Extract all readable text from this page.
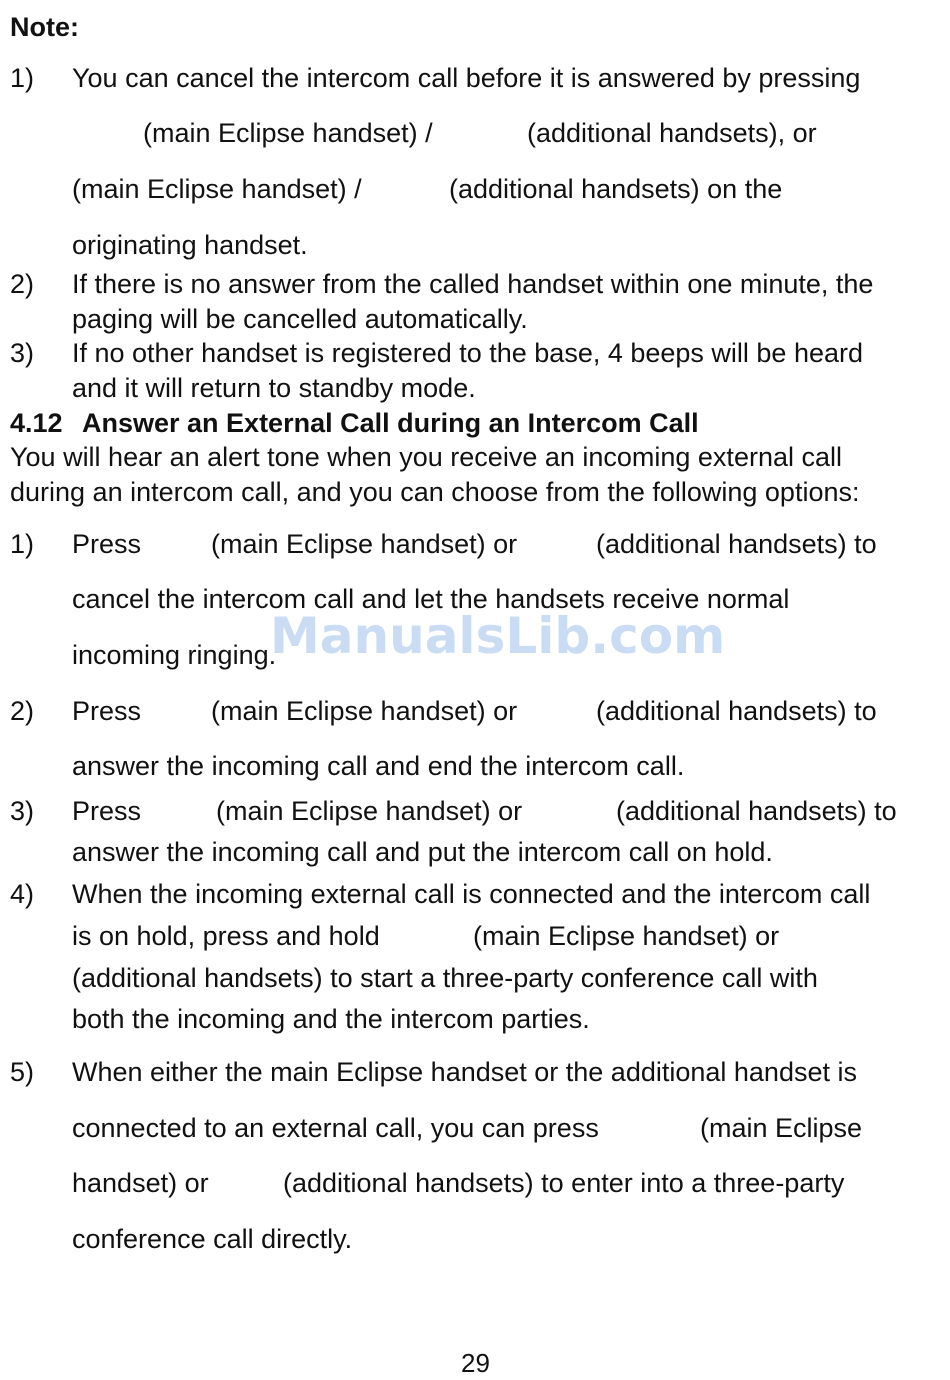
Note:
1) You can cancel the intercom call before it is answered by pressing
(main Eclipse handset) /	(additional handsets), or
(main Eclipse handset) /	(additional handsets) on the
originating handset.
2) If there is no answer from the called handset within one minute, the
paging will be cancelled automatically.
3) If no other handset is registered to the base, 4 beeps will be heard
and it will return to standby mode.
4.12 Answer an External Call during an Intercom Call
You will hear an alert tone when you receive an incoming external call
during an intercom call, and you can choose from the following options:
1) Press	(main Eclipse handset) or	(additional handsets) to
cancel the intercom call and let the handsets receive normal
incoming ringing.
2) Press	(main Eclipse handset) or	(additional handsets) to
answer the incoming call and end the intercom call.
3) Press	(main Eclipse handset) or	(additional handsets) to
answer the incoming call and put the intercom call on hold.
4) When the incoming external call is connected and the intercom call
is on hold, press and hold	(main Eclipse handset) or
(additional handsets) to start a three-party conference call with
both the incoming and the intercom parties.
5) When either the main Eclipse handset or the additional handset is
connected to an external call, you can press	(main Eclipse
handset) or	(additional handsets) to enter into a three-party
conference call directly.
ManualsLib.com
29
